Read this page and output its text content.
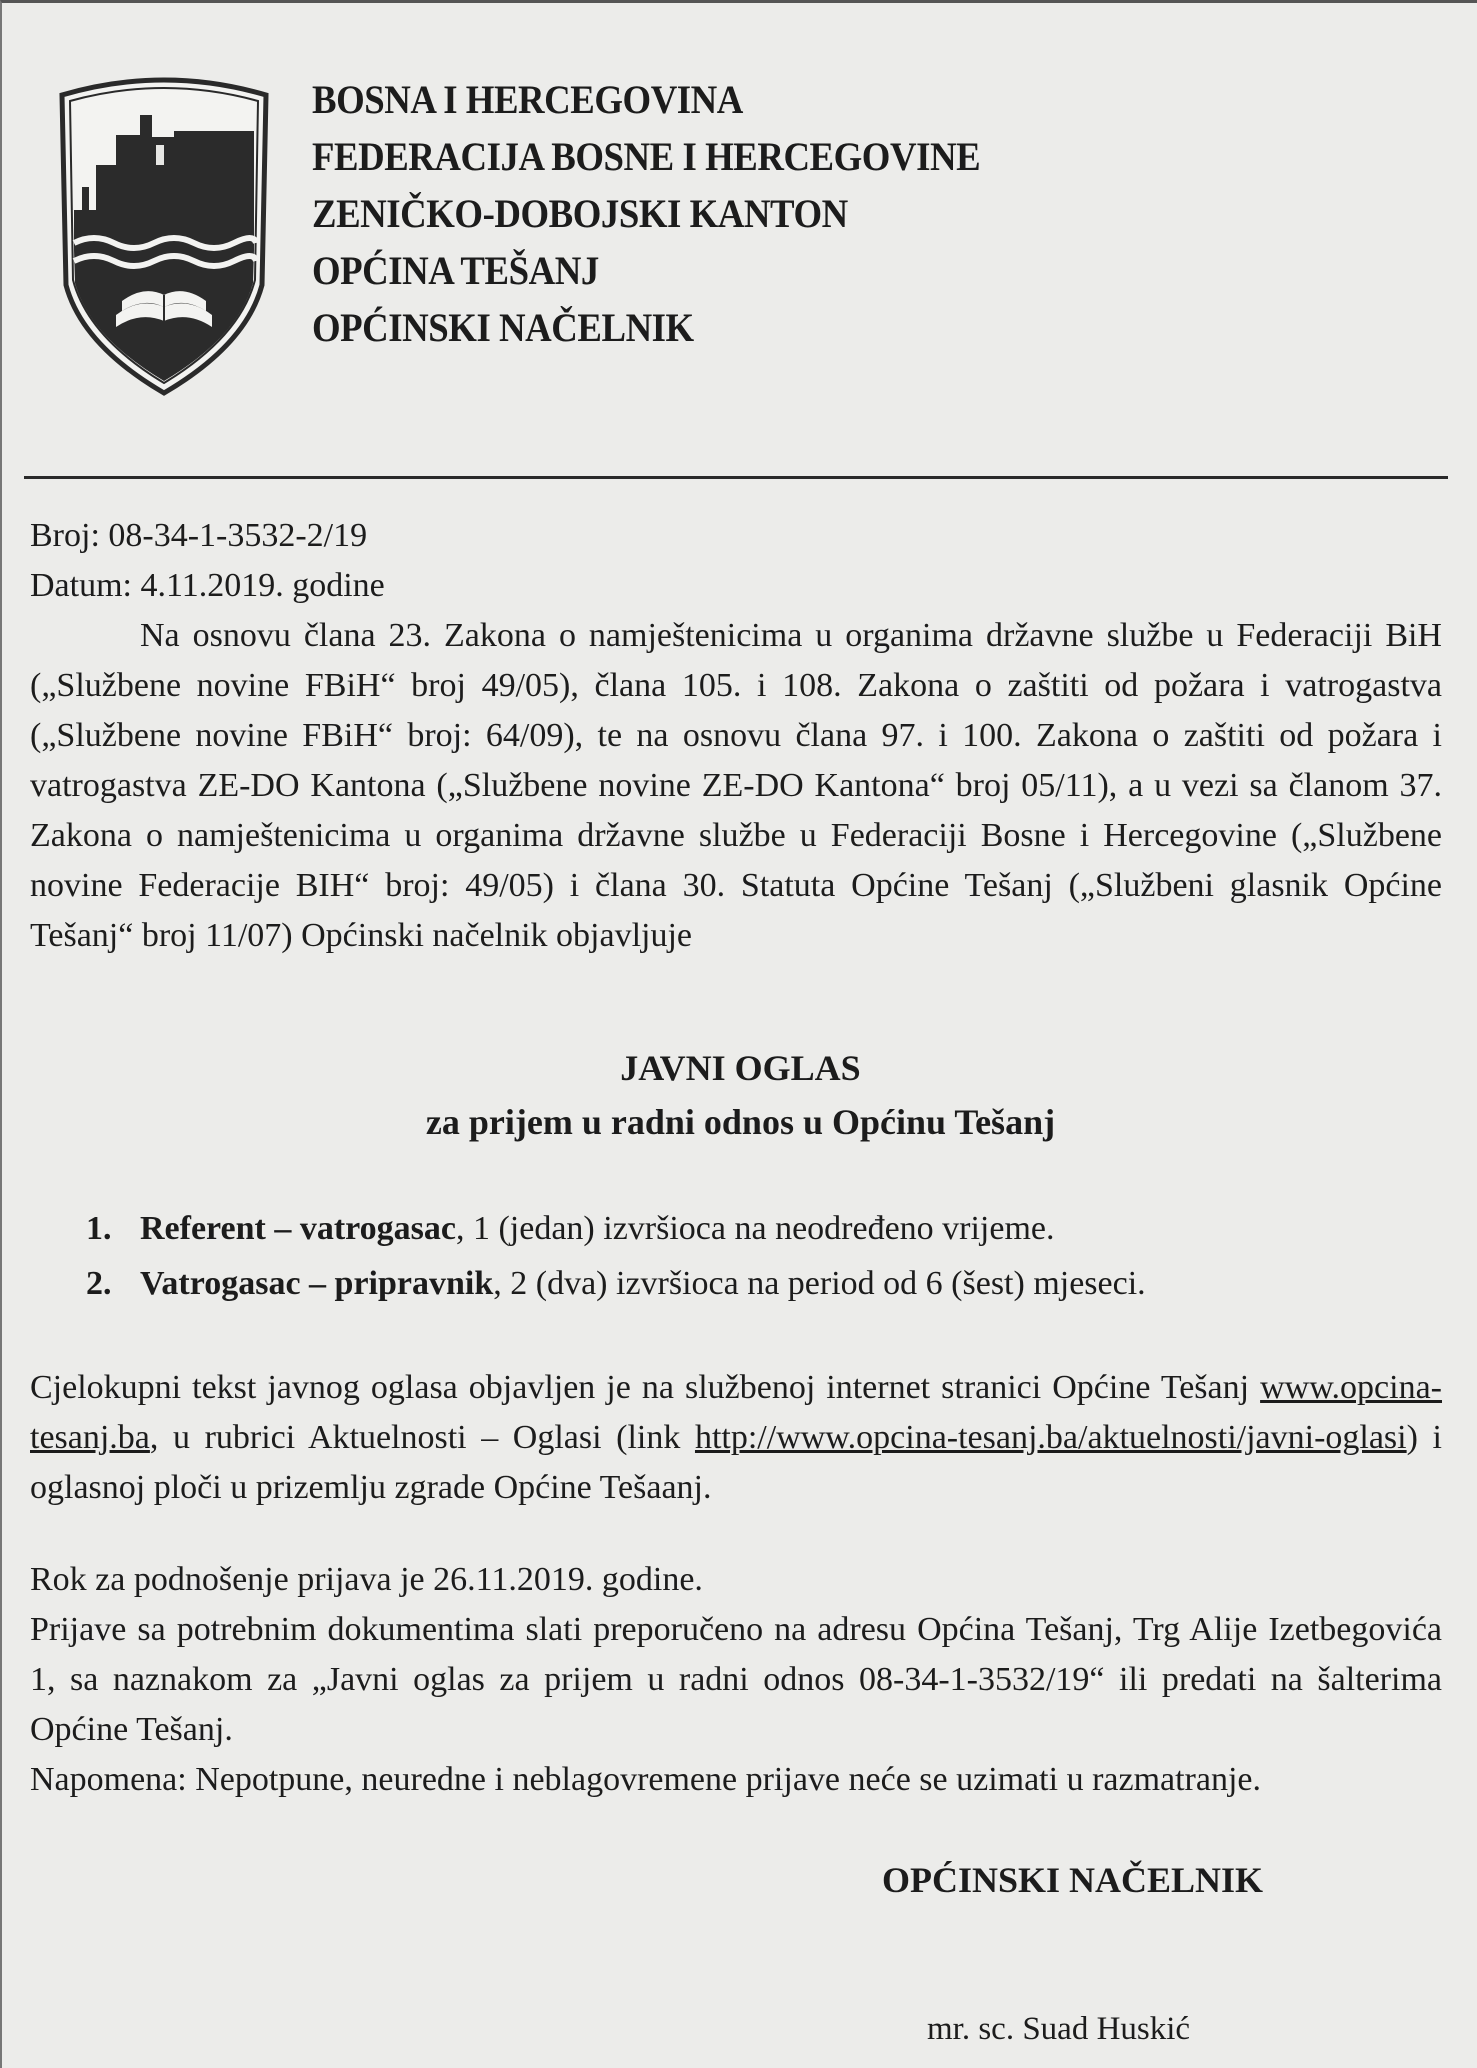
BOSNA I HERCEGOVINA
FEDERACIJA BOSNE I HERCEGOVINE
ZENIČKO-DOBOJSKI KANTON
OPĆINA TEŠANJ
OPĆINSKI NAČELNIK
Broj: 08-34-1-3532-2/19
Datum: 4.11.2019. godine
Na osnovu člana 23. Zakona o namještenicima u organima državne službe u Federaciji BiH („Službene novine FBiH“ broj 49/05), člana 105. i 108. Zakona o zaštiti od požara i vatrogastva („Službene novine FBiH“ broj: 64/09), te na osnovu člana 97. i 100. Zakona o zaštiti od požara i vatrogastva ZE-DO Kantona („Službene novine ZE-DO Kantona“ broj 05/11), a u vezi sa članom 37. Zakona o namještenicima u organima državne službe u Federaciji Bosne i Hercegovine („Službene novine Federacije BIH“ broj: 49/05) i člana 30. Statuta Općine Tešanj („Službeni glasnik Općine Tešanj“ broj 11/07) Općinski načelnik objavljuje
JAVNI OGLAS
za prijem u radni odnos u Općinu Tešanj
1. Referent – vatrogasac, 1 (jedan) izvršioca na neodređeno vrijeme.
2. Vatrogasac – pripravnik, 2 (dva) izvršioca na period od 6 (šest) mjeseci.
Cjelokupni tekst javnog oglasa objavljen je na službenoj internet stranici Općine Tešanj www.opcina-tesanj.ba, u rubrici Aktuelnosti – Oglasi (link http://www.opcina-tesanj.ba/aktuelnosti/javni-oglasi) i oglasnoj ploči u prizemlju zgrade Općine Tešaanj.
Rok za podnošenje prijava je 26.11.2019. godine.
Prijave sa potrebnim dokumentima slati preporučeno na adresu Općina Tešanj, Trg Alije Izetbegovića 1, sa naznakom za „Javni oglas za prijem u radni odnos 08-34-1-3532/19“ ili predati na šalterima Općine Tešanj.
Napomena: Nepotpune, neuredne i neblagovremene prijave neće se uzimati u razmatranje.
OPĆINSKI NAČELNIK
mr. sc. Suad Huskić
